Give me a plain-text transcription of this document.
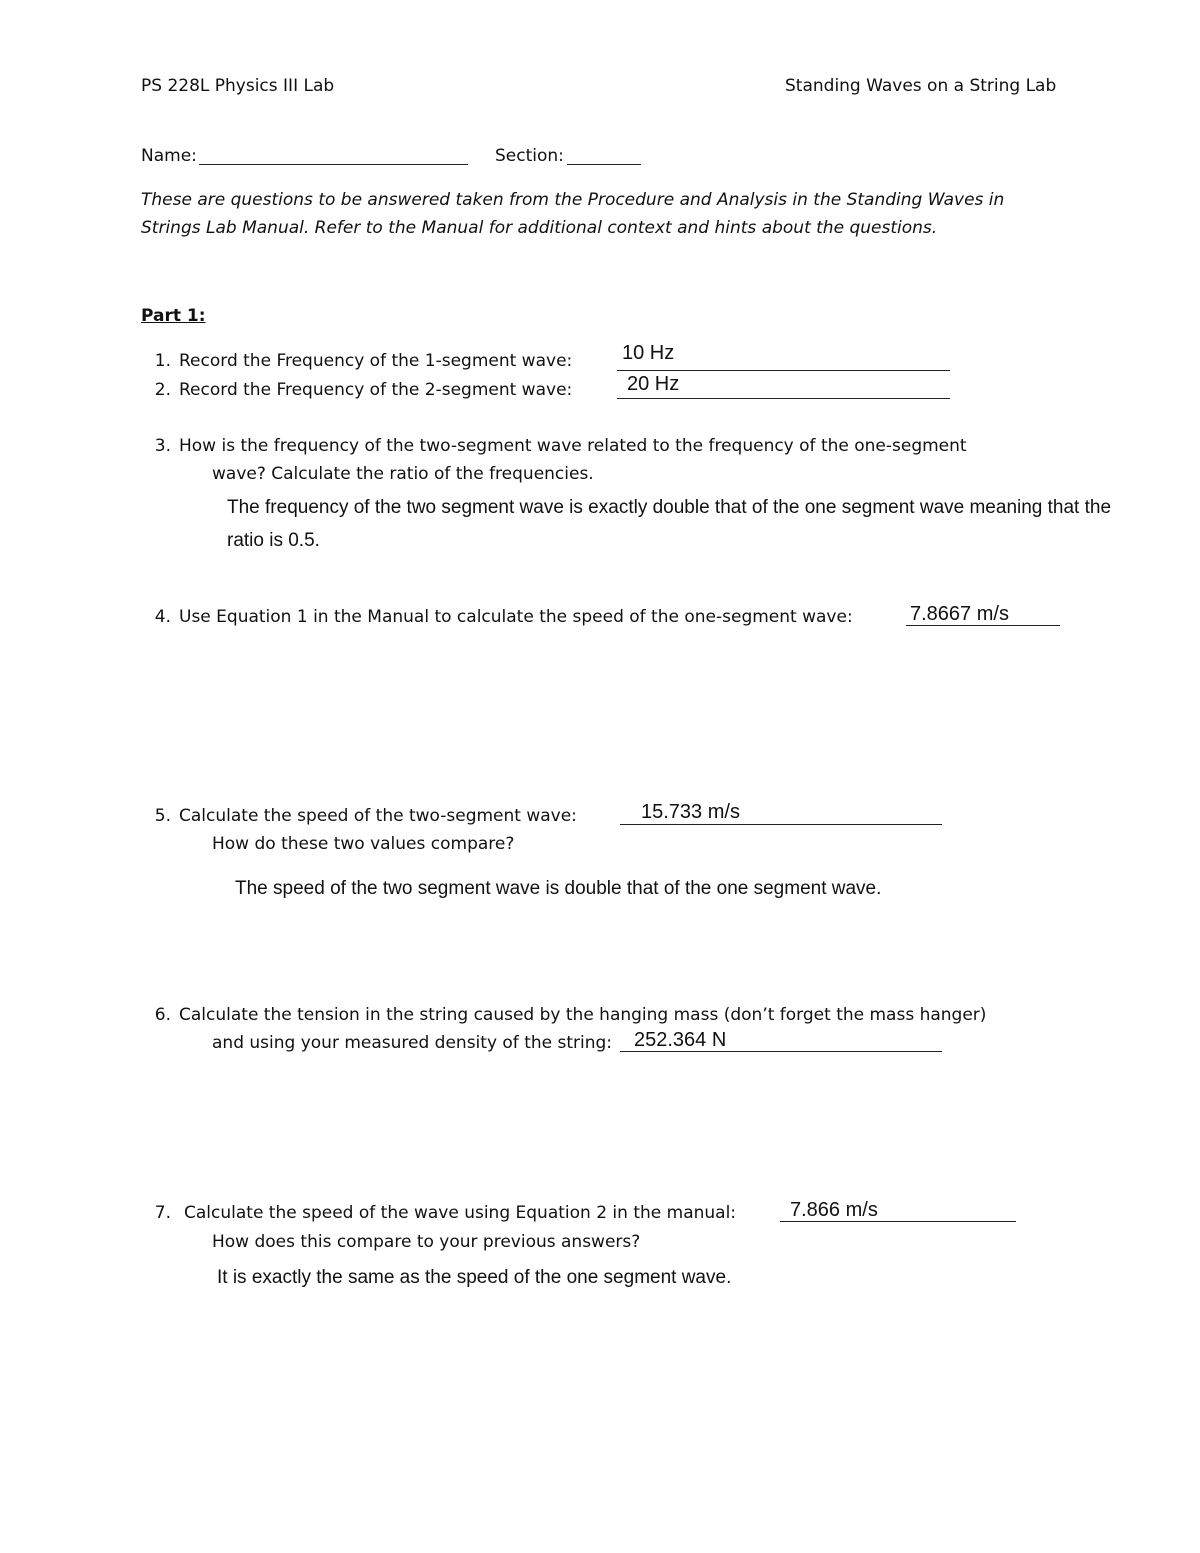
PS 228L Physics III Lab	Standing Waves on a String Lab
Name:	Section:
These are questions to be answered taken from the Procedure and Analysis in the Standing Waves in
Strings Lab Manual. Refer to the Manual for additional context and hints about the questions.
Part 1:
1. Record the Frequency of the 1-segment wave: 10 Hz
2. Record the Frequency of the 2-segment wave:	20 Hz
3. How is the frequency of the two-segment wave related to the frequency of the one-segment
wave? Calculate the ratio of the frequencies.
The frequency of the two segment wave is exactly double that of the one segment wave meaning that the
ratio is 0.5.
4. Use Equation 1 in the Manual to calculate the speed of the one-segment wave:	7.8667 m/s
5. Calculate the speed of the two-segment wave:	15.733 m/s
How do these two values compare?
The speed of the two segment wave is double that of the one segment wave.
6. Calculate the tension in the string caused by the hanging mass (don’t forget the mass hanger)
and using your measured density of the string: 252.364 N
7. Calculate the speed of the wave using Equation 2 in the manual:	7.866 m/s
How does this compare to your previous answers?
It is exactly the same as the speed of the one segment wave.
